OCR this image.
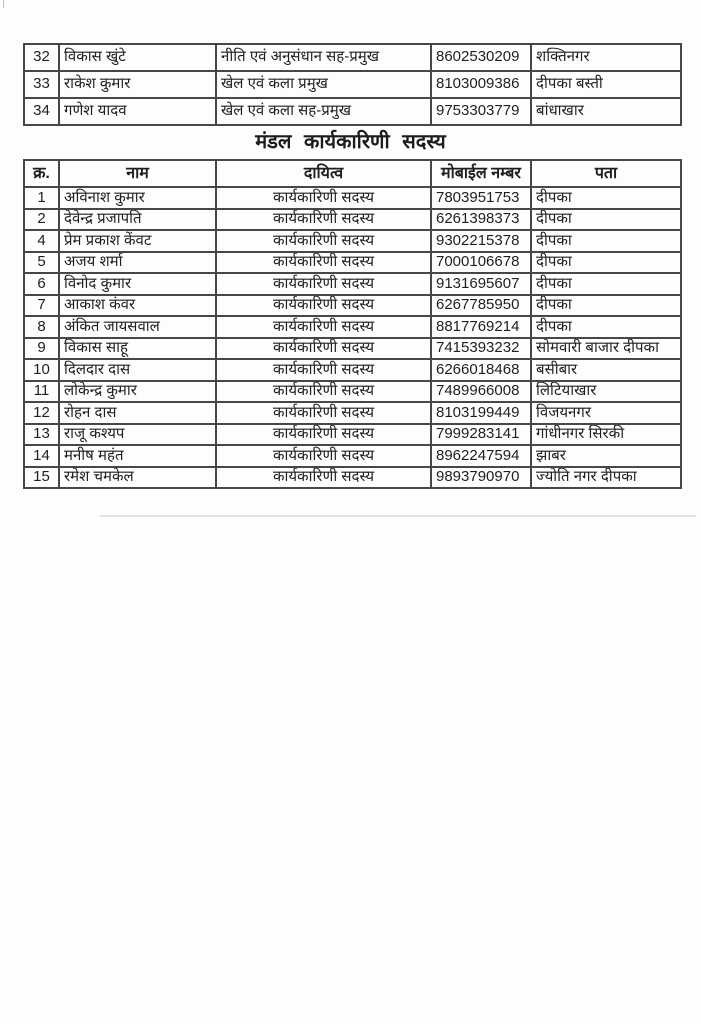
32	विकास खुंटे	नीति एवं अनुसंधान सह-प्रमुख	8602530209	शक्तिनगर
33	राकेश कुमार	खेल एवं कला प्रमुख	8103009386	दीपका बस्ती
34	गणेश यादव	खेल एवं कला सह-प्रमुख	9753303779	बांधाखार
मंडल कार्यकारिणी सदस्य
क्र.	नाम	दायित्व	मोबाईल नम्बर	पता
1	अविनाश कुमार	कार्यकारिणी सदस्य	7803951753	दीपका
2	देवेन्द्र प्रजापति	कार्यकारिणी सदस्य	6261398373	दीपका
4	प्रेम प्रकाश केंवट	कार्यकारिणी सदस्य	9302215378	दीपका
5	अजय शर्मा	कार्यकारिणी सदस्य	7000106678	दीपका
6	विनोद कुमार	कार्यकारिणी सदस्य	9131695607	दीपका
7	आकाश कंवर	कार्यकारिणी सदस्य	6267785950	दीपका
8	अंकित जायसवाल	कार्यकारिणी सदस्य	8817769214	दीपका
9	विकास साहू	कार्यकारिणी सदस्य	7415393232	सोमवारी बाजार दीपका
10	दिलदार दास	कार्यकारिणी सदस्य	6266018468	बसीबार
11	लोकेन्द्र कुमार	कार्यकारिणी सदस्य	7489966008	लिटियाखार
12	रोहन दास	कार्यकारिणी सदस्य	8103199449	विजयनगर
13	राजू कश्यप	कार्यकारिणी सदस्य	7999283141	गांधीनगर सिरकी
14	मनीष महंत	कार्यकारिणी सदस्य	8962247594	झाबर
15	रमेश चमकेल	कार्यकारिणी सदस्य	9893790970	ज्योति नगर दीपका
